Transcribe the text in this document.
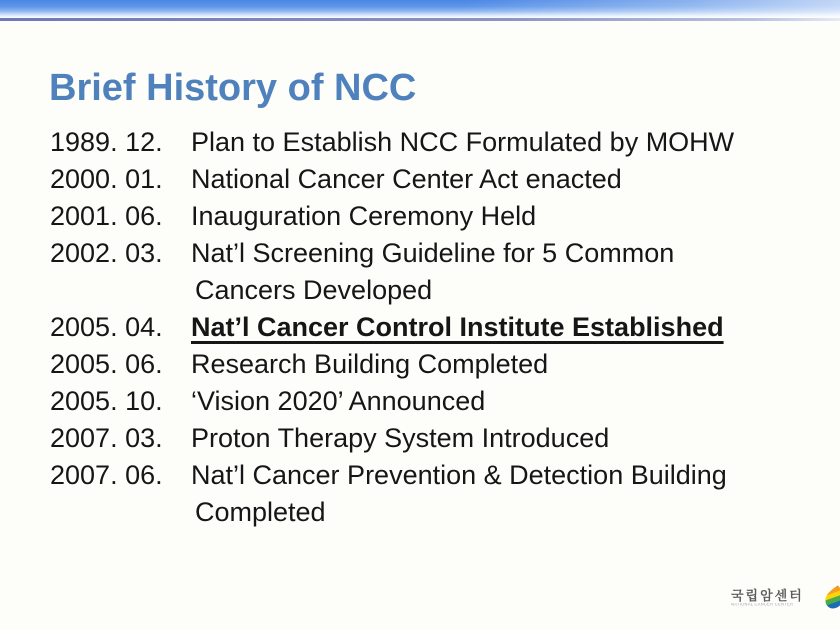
Brief History of NCC
1989. 12.	Plan to Establish NCC Formulated by MOHW
2000. 01.	National Cancer Center Act enacted
2001. 06.	Inauguration Ceremony Held
2002. 03.	Nat’l Screening Guideline for 5 Common
Cancers Developed
2005. 04.	Nat’l Cancer Control Institute Established
2005. 06.	Research Building Completed
2005. 10.	‘Vision 2020’ Announced
2007. 03.	Proton Therapy System Introduced
2007. 06.	Nat’l Cancer Prevention & Detection Building
Completed
국립암센터
NATIONAL CANCER CENTER
